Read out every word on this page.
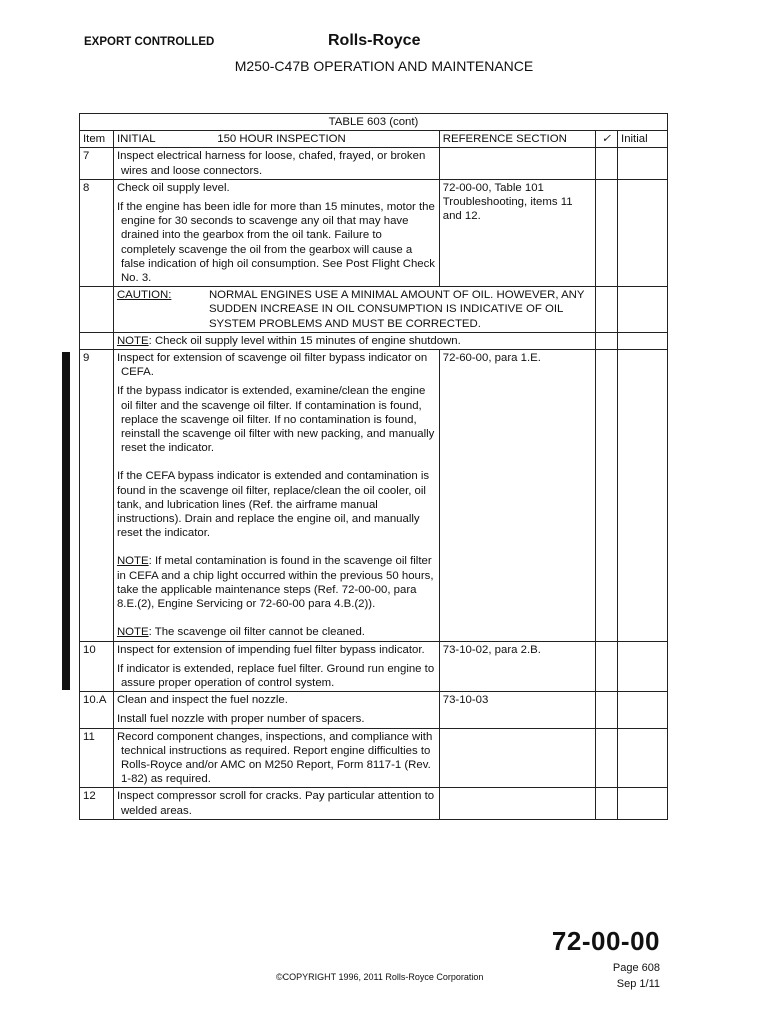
EXPORT CONTROLLED	Rolls-Royce
M250-C47B OPERATION AND MAINTENANCE
TABLE 603 (cont)				
Item	INITIAL 150 HOUR INSPECTION	REFERENCE SECTION	✓	Initial
7	Inspect electrical harness for loose, chafed, frayed, or broken wires and loose connectors.			

8	Check oil supply level.

If the engine has been idle for more than 15 minutes, motor the engine for 30 seconds to scavenge any oil that may have drained into the gearbox from the oil tank. Failure to completely scavenge the oil from the gearbox will cause a false indication of high oil consumption. See Post Flight Check No. 3.	72-00-00, Table 101 Troubleshooting, items 11 and 12.		

	CAUTION: NORMAL ENGINES USE A MINIMAL AMOUNT OF OIL. HOWEVER, ANY SUDDEN INCREASE IN OIL CONSUMPTION IS INDICATIVE OF OIL SYSTEM PROBLEMS AND MUST BE CORRECTED.			

	NOTE: Check oil supply level within 15 minutes of engine shutdown.			
9	Inspect for extension of scavenge oil filter bypass indicator on CEFA.

If the bypass indicator is extended, examine/clean the engine oil filter and the scavenge oil filter. If contamination is found, replace the scavenge oil filter. If no contamination is found, reinstall the scavenge oil filter with new packing, and manually reset the indicator.

If the CEFA bypass indicator is extended and contamination is found in the scavenge oil filter, replace/clean the oil cooler, oil tank, and lubrication lines (Ref. the airframe manual instructions). Drain and replace the engine oil, and manually reset the indicator.

NOTE: If metal contamination is found in the scavenge oil filter in CEFA and a chip light occurred within the previous 50 hours, take the applicable maintenance steps (Ref. 72-00-00, para 8.E.(2), Engine Servicing or 72-60-00 para 4.B.(2)).

NOTE: The scavenge oil filter cannot be cleaned.	72-60-00, para 1.E.		
10	Inspect for extension of impending fuel filter bypass indicator.

If indicator is extended, replace fuel filter. Ground run engine to assure proper operation of control system.	73-10-02, para 2.B.		
10.A	Clean and inspect the fuel nozzle.

Install fuel nozzle with proper number of spacers.	73-10-03		
11	Record component changes, inspections, and compliance with technical instructions as required. Report engine difficulties to Rolls-Royce and/or AMC on M250 Report, Form 8117-1 (Rev. 1-82) as required.			

12	Inspect compressor scroll for cracks. Pay particular attention to welded areas.			

72-00-00
©COPYRIGHT 1996, 2011 Rolls-Royce Corporation
Page 608
Sep 1/11
